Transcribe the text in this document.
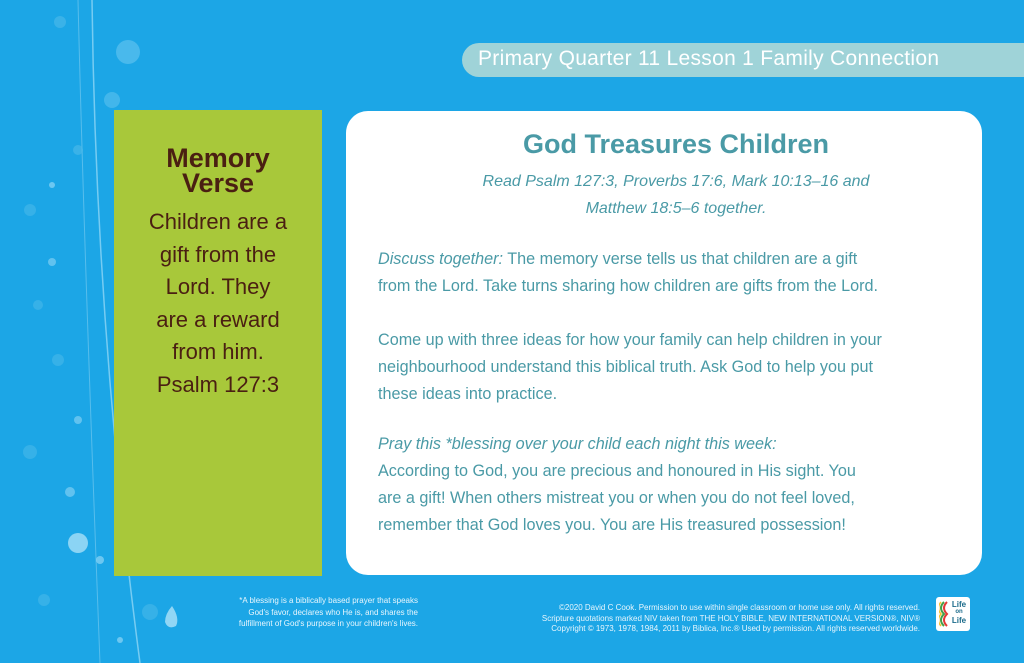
Primary Quarter 11 Lesson 1 Family Connection
Memory
Verse
Children are a
gift from the
Lord. They
are a reward
from him.
Psalm 127:3
God Treasures Children
Read Psalm 127:3, Proverbs 17:6, Mark 10:13–16 and
Matthew 18:5–6 together.
Discuss together: The memory verse tells us that children are a gift
from the Lord. Take turns sharing how children are gifts from the Lord.
Come up with three ideas for how your family can help children in your
neighbourhood understand this biblical truth. Ask God to help you put
these ideas into practice.
Pray this *blessing over your child each night this week:
According to God, you are precious and honoured in His sight. You
are a gift! When others mistreat you or when you do not feel loved,
remember that God loves you. You are His treasured possession!
*A blessing is a biblically based prayer that speaks
God's favor, declares who He is, and shares the
fulfillment of God's purpose in your children's lives.
©2020 David C Cook. Permission to use within single classroom or home use only. All rights reserved.
Scripture quotations marked NIV taken from THE HOLY BIBLE, NEW INTERNATIONAL VERSION®, NIV®
Copyright © 1973, 1978, 1984, 2011 by Biblica, Inc.® Used by permission. All rights reserved worldwide.
Life
on
Life
